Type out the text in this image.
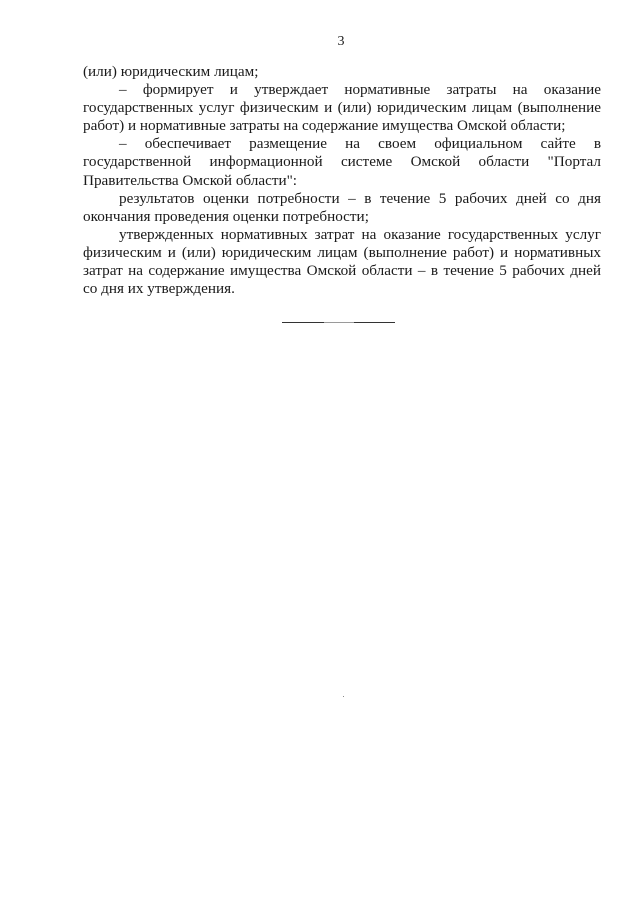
3

(или) юридическим лицам;

– формирует и утверждает нормативные затраты на оказание государственных услуг физическим и (или) юридическим лицам (выполнение работ) и нормативные затраты на содержание имущества Омской области;

– обеспечивает размещение на своем официальном сайте в государственной информационной системе Омской области "Портал Правительства Омской области":

результатов оценки потребности – в течение 5 рабочих дней со дня окончания проведения оценки потребности;

утвержденных нормативных затрат на оказание государственных услуг физическим и (или) юридическим лицам (выполнение работ) и нормативных затрат на содержание имущества Омской области – в течение 5 рабочих дней со дня их утверждения.
